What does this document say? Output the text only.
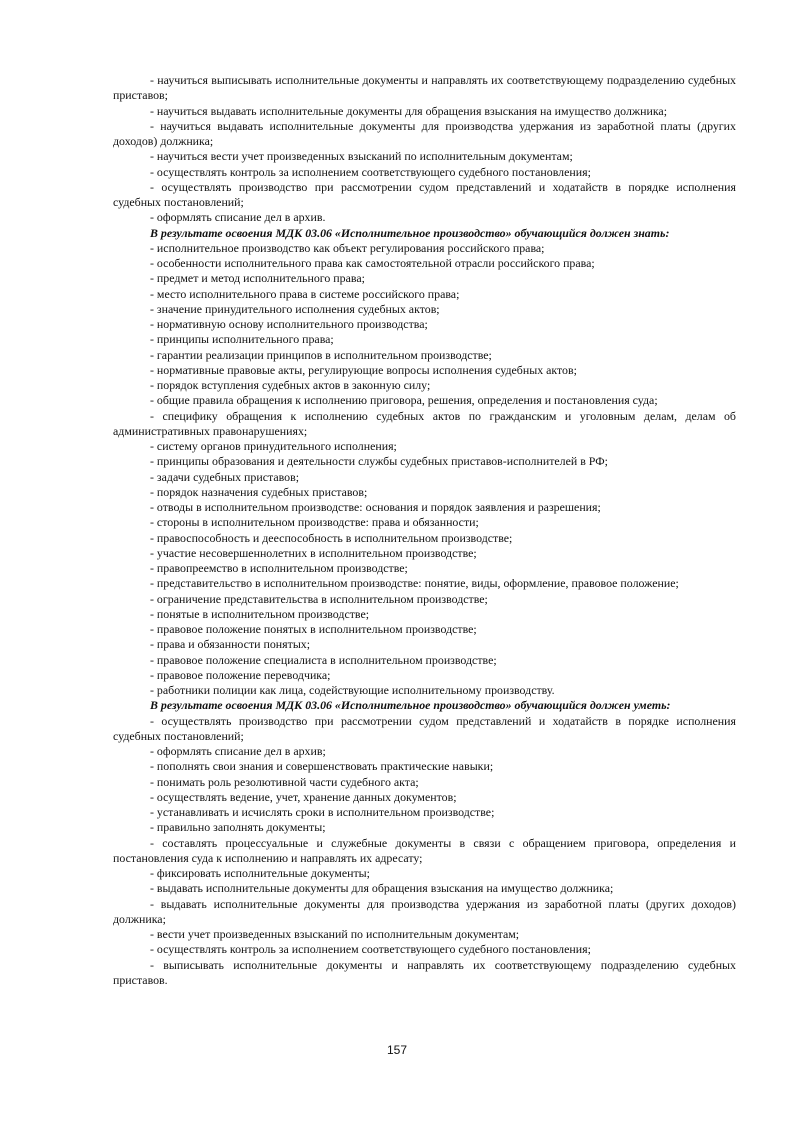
- научиться выписывать исполнительные документы и направлять их соответствующему подразделению судебных приставов;

- научиться выдавать исполнительные документы для обращения взыскания на имущество должника;

- научиться выдавать исполнительные документы для производства удержания из заработной платы (других доходов) должника;

- научиться вести учет произведенных взысканий по исполнительным документам;

- осуществлять контроль за исполнением соответствующего судебного постановления;

- осуществлять производство при рассмотрении судом представлений и ходатайств в порядке исполнения судебных постановлений;

- оформлять списание дел в архив.

В результате освоения МДК 03.06 «Исполнительное производство» обучающийся должен знать:

- исполнительное производство как объект регулирования российского права;

- особенности исполнительного права как самостоятельной отрасли российского права;

- предмет и метод исполнительного права;

- место исполнительного права в системе российского права;

- значение принудительного исполнения судебных актов;

- нормативную основу исполнительного производства;

- принципы исполнительного права;

- гарантии реализации принципов в исполнительном производстве;

- нормативные правовые акты, регулирующие вопросы исполнения судебных актов;

- порядок вступления судебных актов в законную силу;

- общие правила обращения к исполнению приговора, решения, определения и постановления суда;

- специфику обращения к исполнению судебных актов по гражданским и уголовным делам, делам об административных правонарушениях;

- систему органов принудительного исполнения;

- принципы образования и деятельности службы судебных приставов-исполнителей в РФ;

- задачи судебных приставов;

- порядок назначения судебных приставов;

- отводы в исполнительном производстве: основания и порядок заявления и разрешения;

- стороны в исполнительном производстве: права и обязанности;

- правоспособность и дееспособность в исполнительном производстве;

- участие несовершеннолетних в исполнительном производстве;

- правопреемство в исполнительном производстве;

- представительство в исполнительном производстве: понятие, виды, оформление, правовое положение;

- ограничение представительства в исполнительном производстве;

- понятые в исполнительном производстве;

- правовое положение понятых в исполнительном производстве;

- права и обязанности понятых;

- правовое положение специалиста в исполнительном производстве;

- правовое положение переводчика;

- работники полиции как лица, содействующие исполнительному производству.

В результате освоения МДК 03.06 «Исполнительное производство» обучающийся должен уметь:

- осуществлять производство при рассмотрении судом представлений и ходатайств в порядке исполнения судебных постановлений;

- оформлять списание дел в архив;

- пополнять свои знания и совершенствовать практические навыки;

- понимать роль резолютивной части судебного акта;

- осуществлять ведение, учет, хранение данных документов;

- устанавливать и исчислять сроки в исполнительном производстве;

- правильно заполнять документы;

- составлять процессуальные и служебные документы в связи с обращением приговора, определения и постановления суда к исполнению и направлять их адресату;

- фиксировать исполнительные документы;

- выдавать исполнительные документы для обращения взыскания на имущество должника;

- выдавать исполнительные документы для производства удержания из заработной платы (других доходов) должника;

- вести учет произведенных взысканий по исполнительным документам;

- осуществлять контроль за исполнением соответствующего судебного постановления;

- выписывать исполнительные документы и направлять их соответствующему подразделению судебных приставов.

157
